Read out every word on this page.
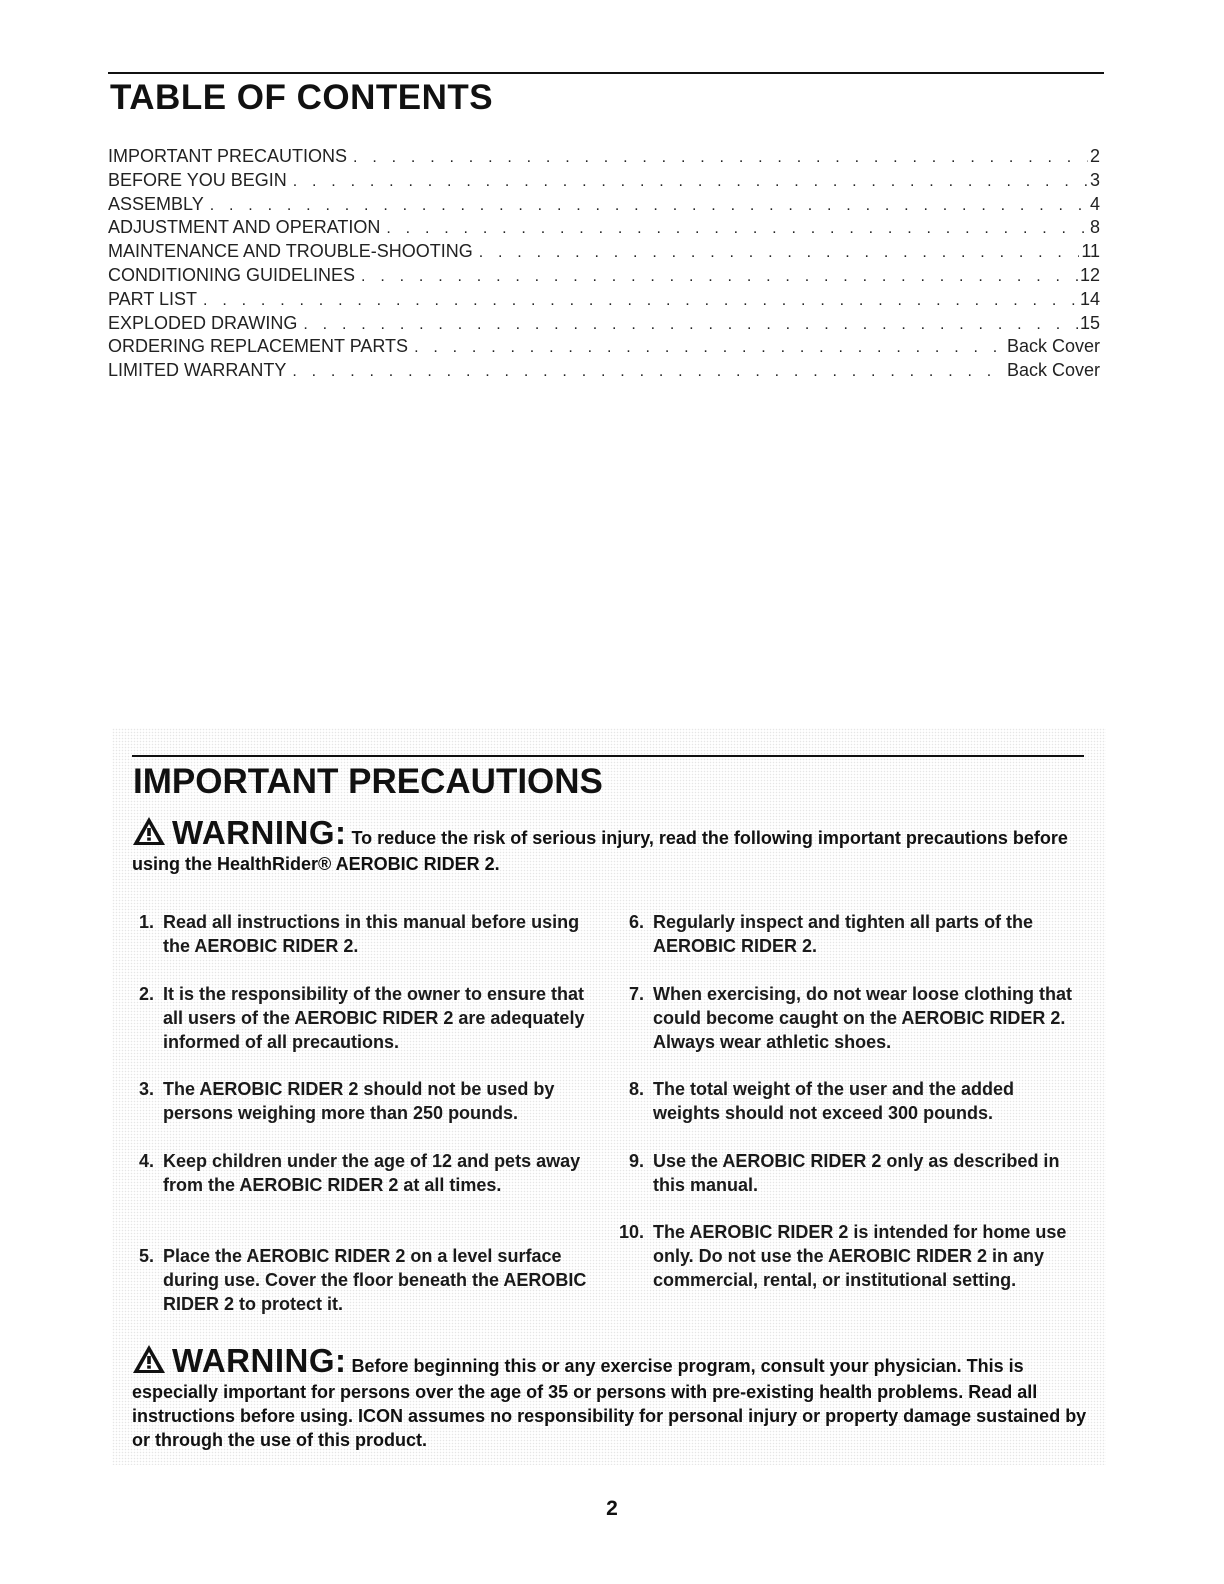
TABLE OF CONTENTS
IMPORTANT PRECAUTIONS . . .	2
BEFORE YOU BEGIN . . .	3
ASSEMBLY . . .	4
ADJUSTMENT AND OPERATION . . .	8
MAINTENANCE AND TROUBLE-SHOOTING . . .	11
CONDITIONING GUIDELINES . . .	12
PART LIST . . .	14
EXPLODED DRAWING . . .	15
ORDERING REPLACEMENT PARTS . . .	Back Cover
LIMITED WARRANTY . . .	Back Cover
IMPORTANT PRECAUTIONS
WARNING: To reduce the risk of serious injury, read the following important precautions before using the HealthRider® AEROBIC RIDER 2.
1. Read all instructions in this manual before using the AEROBIC RIDER 2.
2. It is the responsibility of the owner to ensure that all users of the AEROBIC RIDER 2 are adequately informed of all precautions.
3. The AEROBIC RIDER 2 should not be used by persons weighing more than 250 pounds.
4. Keep children under the age of 12 and pets away from the AEROBIC RIDER 2 at all times.
5. Place the AEROBIC RIDER 2 on a level surface during use. Cover the floor beneath the AEROBIC RIDER 2 to protect it.
6. Regularly inspect and tighten all parts of the AEROBIC RIDER 2.
7. When exercising, do not wear loose clothing that could become caught on the AEROBIC RIDER 2. Always wear athletic shoes.
8. The total weight of the user and the added weights should not exceed 300 pounds.
9. Use the AEROBIC RIDER 2 only as described in this manual.
10. The AEROBIC RIDER 2 is intended for home use only. Do not use the AEROBIC RIDER 2 in any commercial, rental, or institutional setting.
WARNING: Before beginning this or any exercise program, consult your physician. This is especially important for persons over the age of 35 or persons with pre-existing health problems. Read all instructions before using. ICON assumes no responsibility for personal injury or property damage sustained by or through the use of this product.
2
